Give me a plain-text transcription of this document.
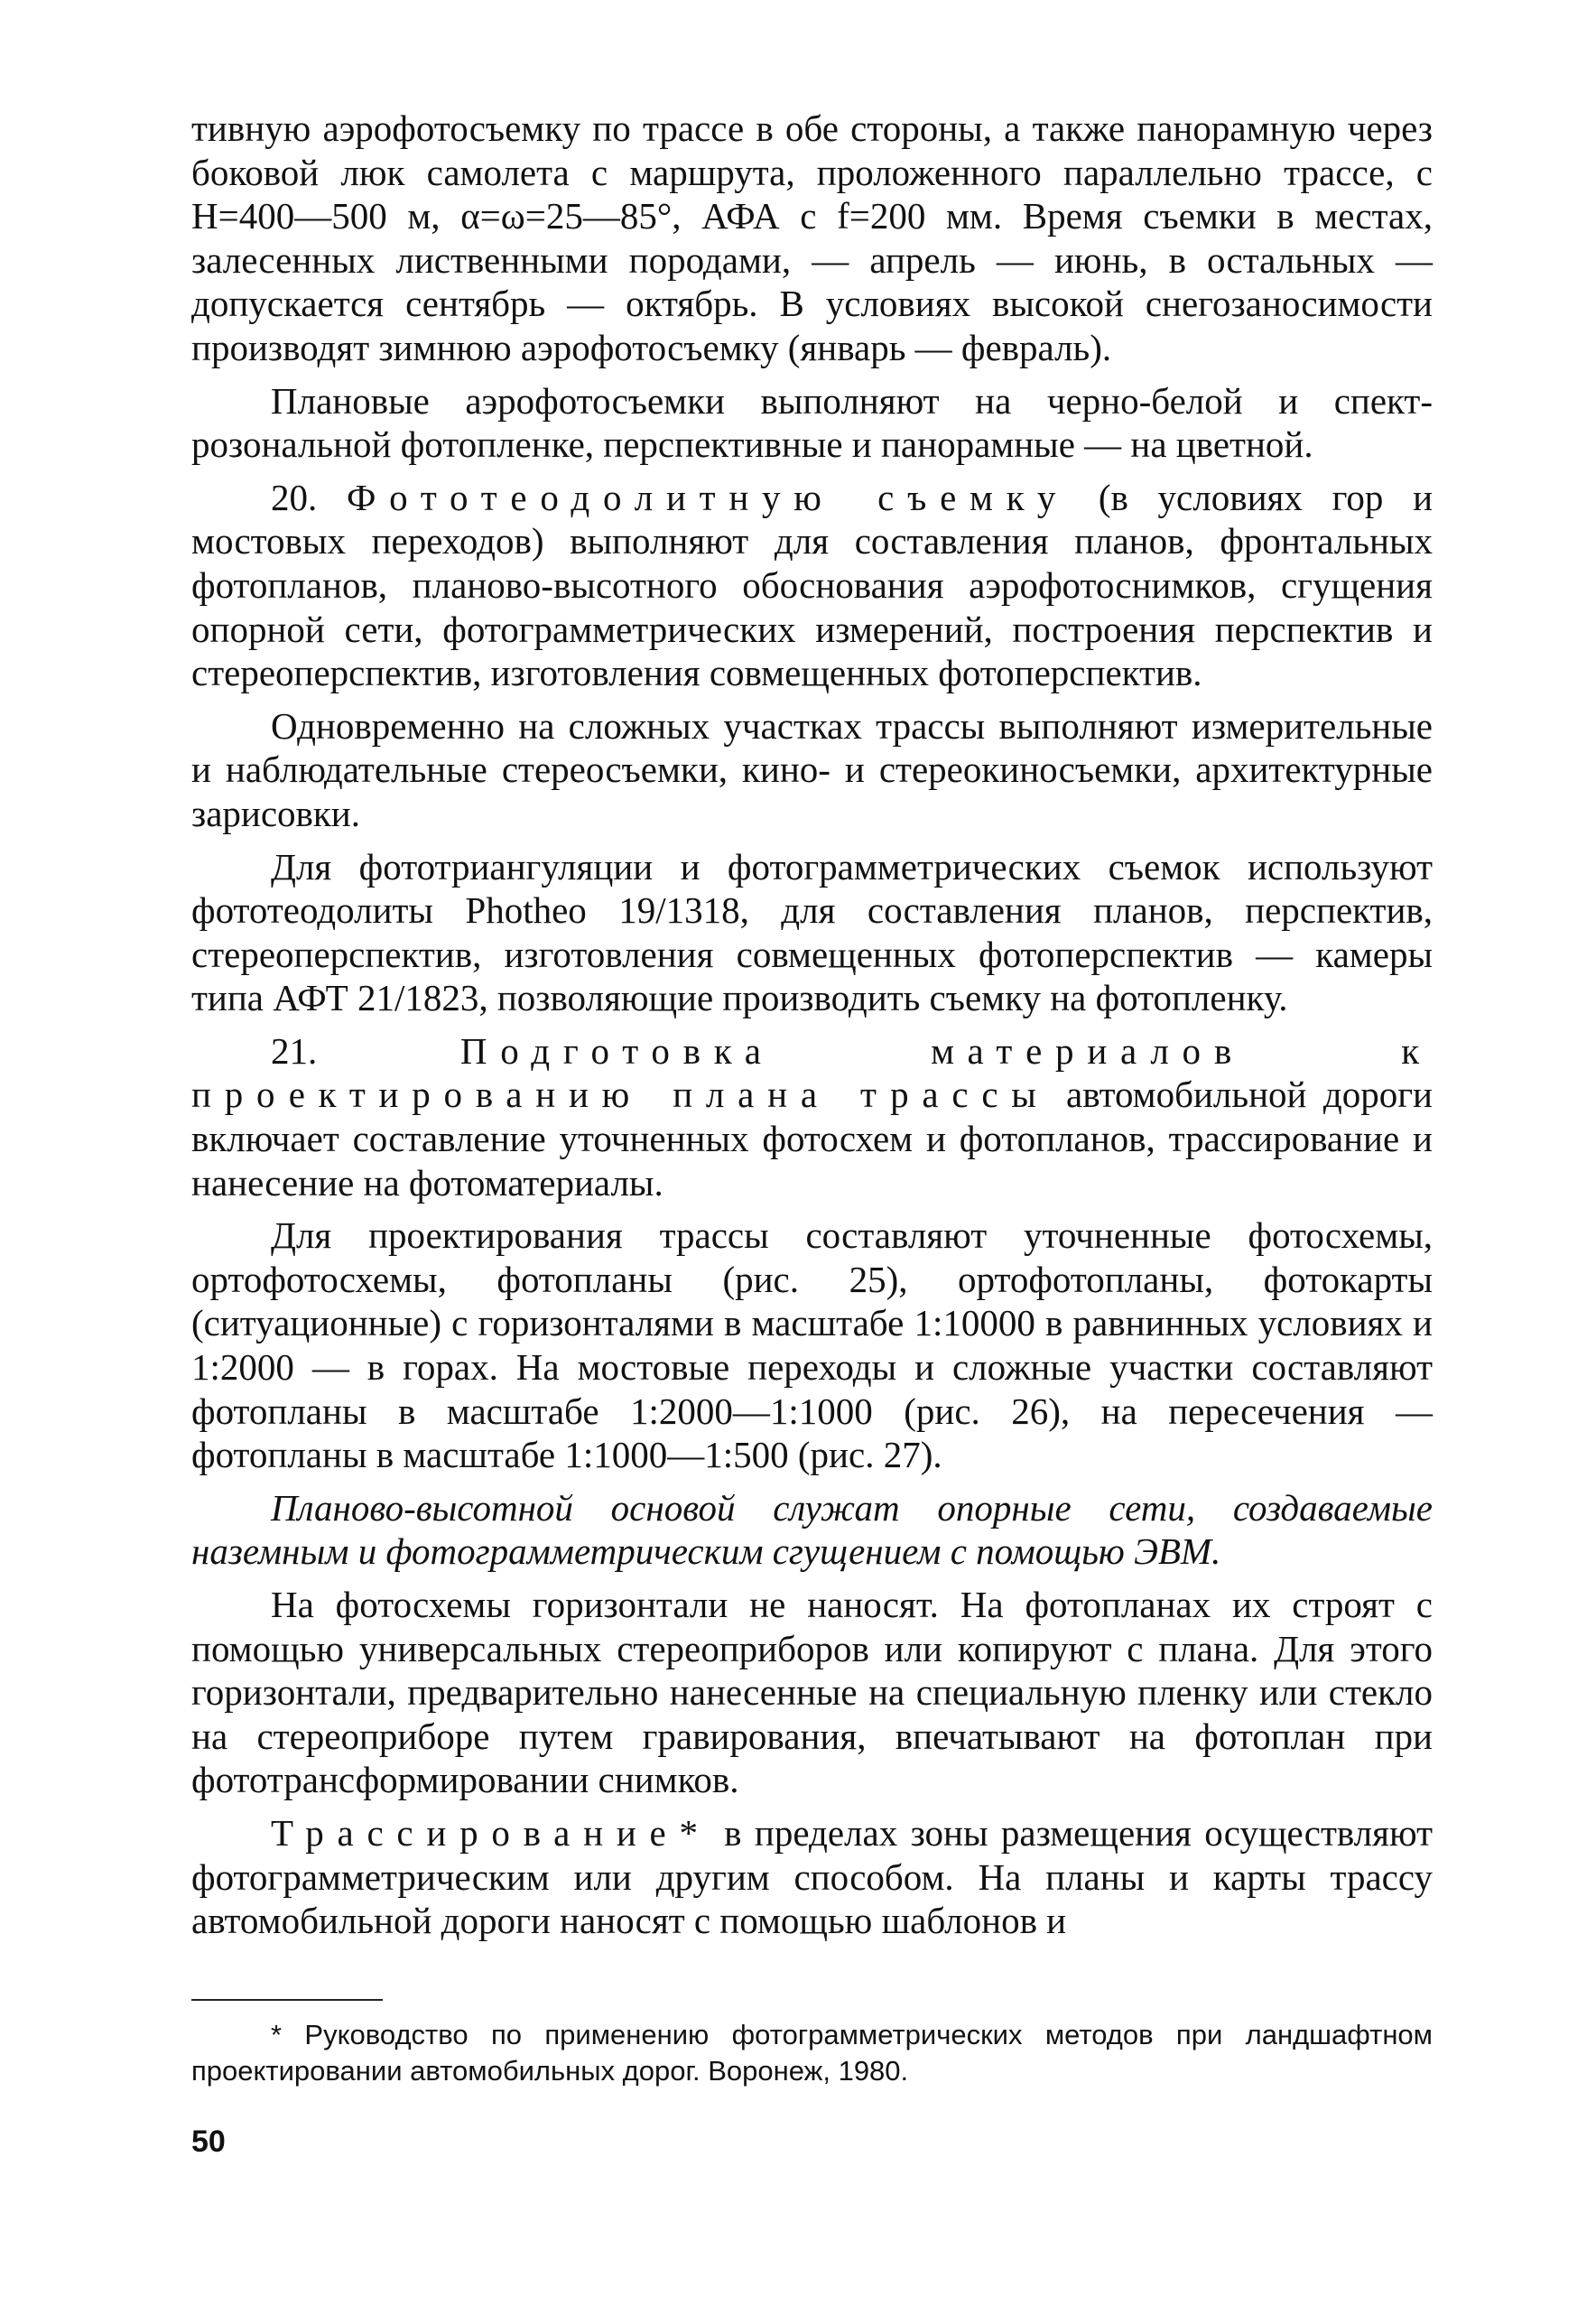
тивную аэрофотосъемку по трассе в обе стороны, а также панорамную через боковой люк самолета с маршрута, проложенного параллельно трассе, с H=400—500 м, α=ω=25—85°, АФА с f=200 мм. Время съемки в местах, залесенных лиственными породами, — апрель — июнь, в остальных — допускается сентябрь — октябрь. В условиях высокой снегозаносимости производят зимнюю аэрофотосъемку (январь — февраль).

Плановые аэрофотосъемки выполняют на черно-белой и спектрозональной фотопленке, перспективные и панорамные — на цветной.

20. Фототеодолитную съемку (в условиях гор и мостовых переходов) выполняют для составления планов, фронтальных фотопланов, планово-высотного обоснования аэрофотоснимков, сгущения опорной сети, фотограмметрических измерений, построения перспектив и стереоперспектив, изготовления совмещенных фотоперспектив.

Одновременно на сложных участках трассы выполняют измерительные и наблюдательные стереосъемки, кино- и стереокиносъемки, архитектурные зарисовки.

Для фототриангуляции и фотограмметрических съемок используют фототеодолиты Photheo 19/1318, для составления планов, перспектив, стереоперспектив, изготовления совмещенных фотоперспектив — камеры типа АФТ 21/1823, позволяющие производить съемку на фотопленку.

21.	Подготовка материалов к проектированию плана трассы автомобильной дороги включает составление уточненных фотосхем и фотопланов, трассирование и нанесение на фотоматериалы.

Для проектирования трассы составляют уточненные фотосхемы, ортофотосхемы, фотопланы (рис. 25), ортофотопланы, фотокарты (ситуационные) с горизонталями в масштабе 1:10000 в равнинных условиях и 1:2000 — в горах. На мостовые переходы и сложные участки составляют фотопланы в масштабе 1:2000—1:1000 (рис. 26), на пересечения — фотопланы в масштабе 1:1000—1:500 (рис. 27).

Планово-высотной основой служат опорные сети, создаваемые наземным и фотограмметрическим сгущением с помощью ЭВМ.

На фотосхемы горизонтали не наносят. На фотопланах их строят с помощью универсальных стереоприборов или копируют с плана. Для этого горизонтали, предварительно нанесенные на специальную пленку или стекло на стереоприборе путем гравирования, впечатывают на фотоплан при фототрансформировании снимков.

Трассирование* в пределах зоны размещения осуществляют фотограмметрическим или другим способом. На планы и карты трассу автомобильной дороги наносят с помощью шаблонов и

* Руководство по применению фотограмметрических методов при ландшафтном проектировании автомобильных дорог. Воронеж, 1980.

50
